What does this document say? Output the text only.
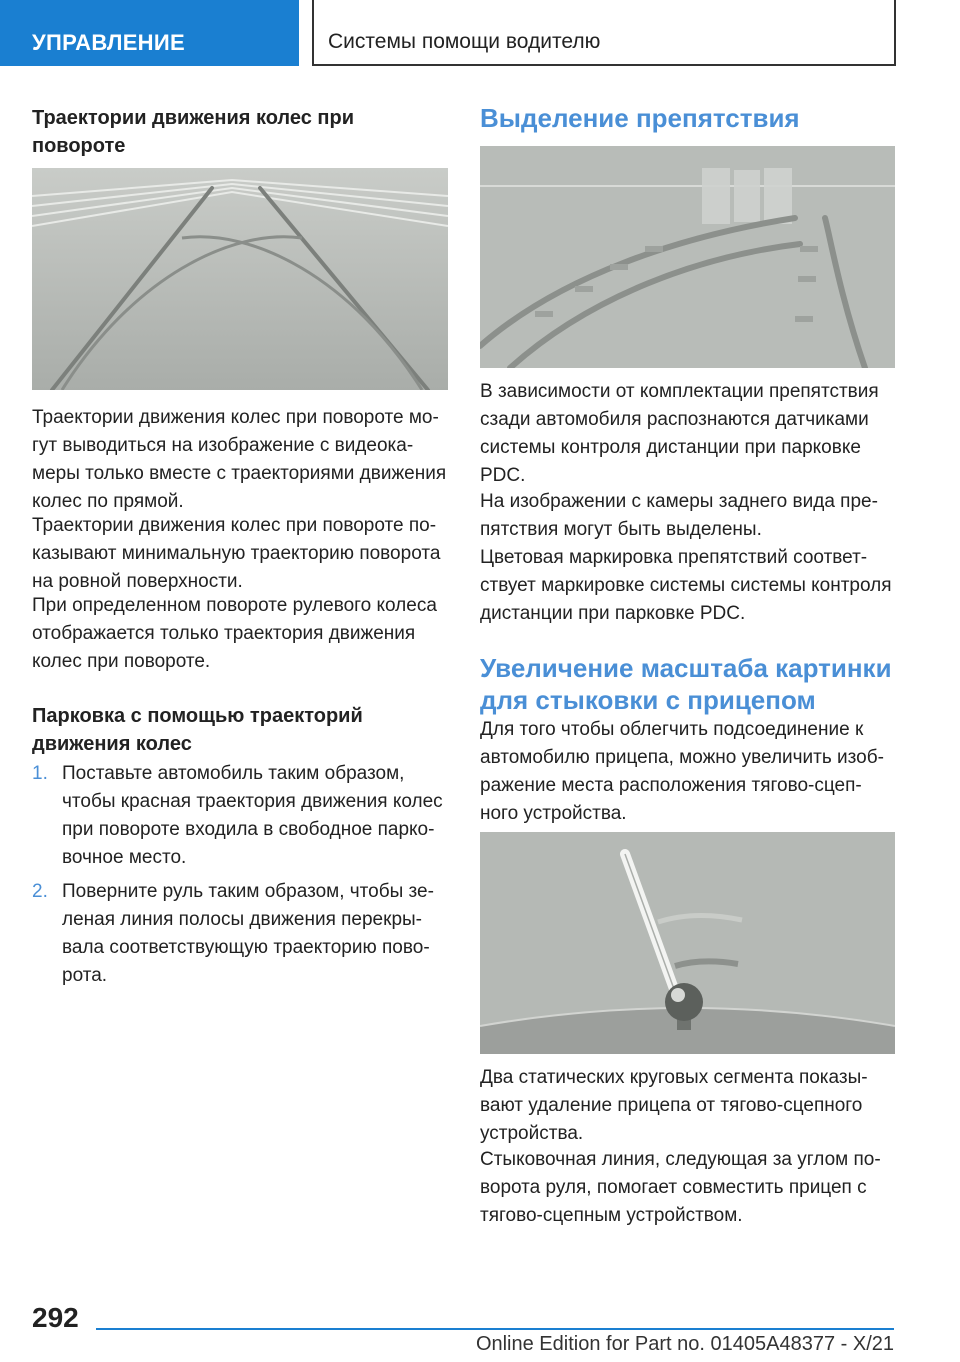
УПРАВЛЕНИЕ	Системы помощи водителю
Траектории движения колес при повороте
Траектории движения колес при повороте мо-гут выводиться на изображение с видеока-меры только вместе с траекториями движения колес по прямой.
Траектории движения колес при повороте по-казывают минимальную траекторию поворота на ровной поверхности.
При определенном повороте рулевого колеса отображается только траектория движения колес при повороте.
Парковка с помощью траекторий движения колес
1. Поставьте автомобиль таким образом, чтобы красная траектория движения колес при повороте входила в свободное парко-вочное место.
2. Поверните руль таким образом, чтобы зе-леная линия полосы движения перекры-вала соответствующую траекторию пово-рота.
Выделение препятствия
В зависимости от комплектации препятствия сзади автомобиля распознаются датчиками системы контроля дистанции при парковке PDC.
На изображении с камеры заднего вида пре-пятствия могут быть выделены.
Цветовая маркировка препятствий соответ-ствует маркировке системы системы контроля дистанции при парковке PDC.
Увеличение масштаба картинки для стыковки с прицепом
Для того чтобы облегчить подсоединение к автомобилю прицепа, можно увеличить изоб-ражение места расположения тягово-сцеп-ного устройства.
Два статических круговых сегмента показы-вают удаление прицепа от тягово-сцепного устройства.
Стыковочная линия, следующая за углом по-ворота руля, помогает совместить прицеп с тягово-сцепным устройством.
292
Online Edition for Part no. 01405A48377 - X/21
